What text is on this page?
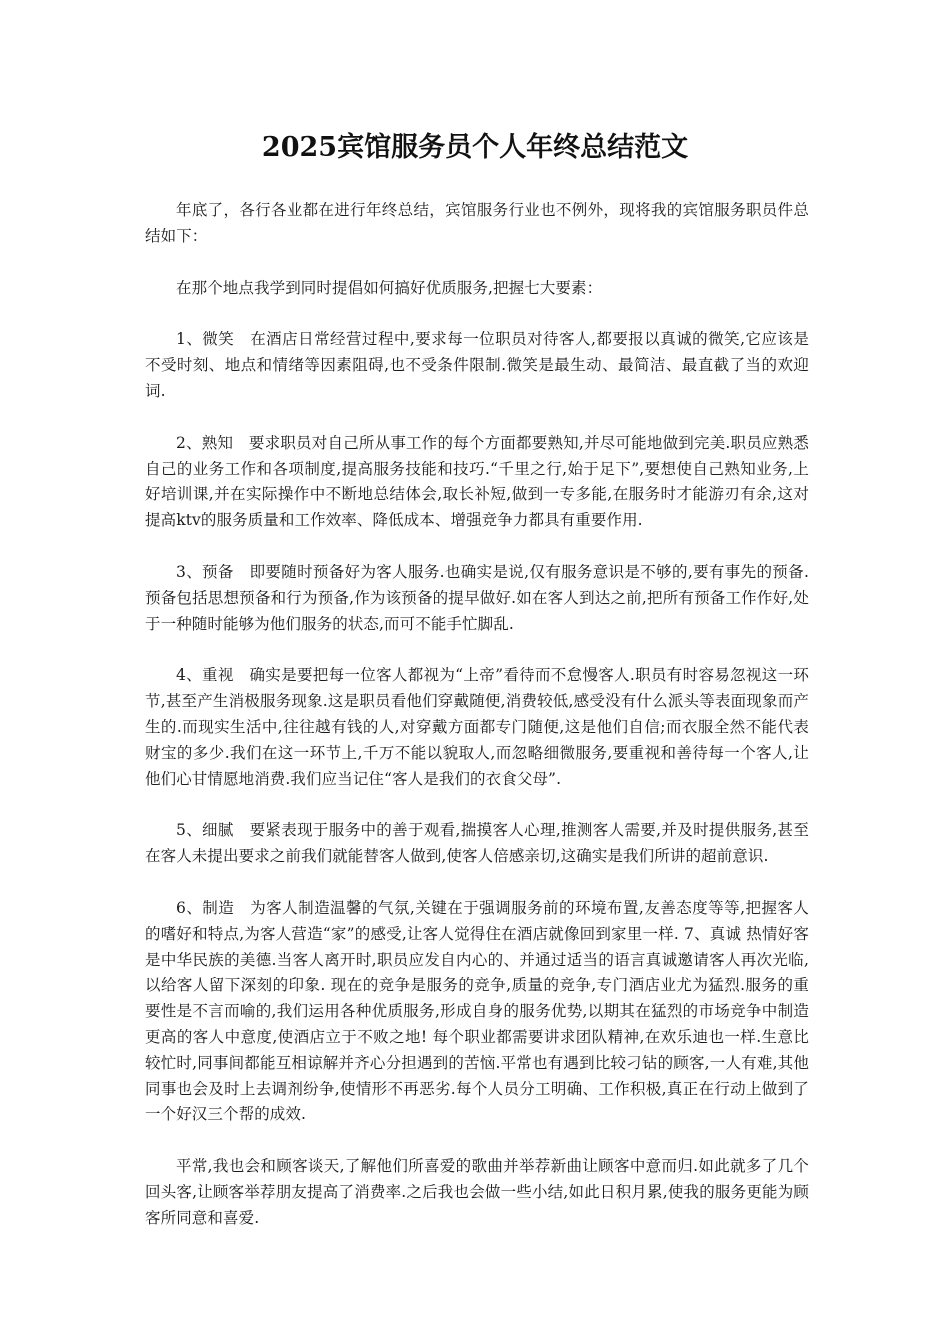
2025宾馆服务员个人年终总结范文

年底了，各行各业都在进行年终总结，宾馆服务行业也不例外，现将我的宾馆服务职员件总结如下：

在那个地点我学到同时提倡如何搞好优质服务,把握七大要素：

1、微笑　在酒店日常经营过程中,要求每一位职员对待客人,都要报以真诚的微笑,它应该是不受时刻、地点和情绪等因素阻碍,也不受条件限制.微笑是最生动、最简洁、最直截了当的欢迎词.

2、熟知　要求职员对自己所从事工作的每个方面都要熟知,并尽可能地做到完美.职员应熟悉自己的业务工作和各项制度,提高服务技能和技巧.“千里之行,始于足下”,要想使自己熟知业务,上好培训课,并在实际操作中不断地总结体会,取长补短,做到一专多能,在服务时才能游刃有余,这对提高ktv的服务质量和工作效率、降低成本、增强竞争力都具有重要作用.

3、预备　即要随时预备好为客人服务.也确实是说,仅有服务意识是不够的,要有事先的预备.预备包括思想预备和行为预备,作为该预备的提早做好.如在客人到达之前,把所有预备工作作好,处于一种随时能够为他们服务的状态,而可不能手忙脚乱.

4、重视　确实是要把每一位客人都视为“上帝”看待而不怠慢客人.职员有时容易忽视这一环节,甚至产生消极服务现象.这是职员看他们穿戴随便,消费较低,感受没有什么派头等表面现象而产生的.而现实生活中,往往越有钱的人,对穿戴方面都专门随便,这是他们自信;而衣服全然不能代表财宝的多少.我们在这一环节上,千万不能以貌取人,而忽略细微服务,要重视和善待每一个客人,让他们心甘情愿地消费.我们应当记住“客人是我们的衣食父母”.

5、细腻　要紧表现于服务中的善于观看,揣摸客人心理,推测客人需要,并及时提供服务,甚至在客人未提出要求之前我们就能替客人做到,使客人倍感亲切,这确实是我们所讲的超前意识.

6、制造　为客人制造温馨的气氛,关键在于强调服务前的环境布置,友善态度等等,把握客人的嗜好和特点,为客人营造“家”的感受,让客人觉得住在酒店就像回到家里一样. 7、真诚 热情好客是中华民族的美德.当客人离开时,职员应发自内心的、并通过适当的语言真诚邀请客人再次光临,以给客人留下深刻的印象. 现在的竞争是服务的竞争,质量的竞争,专门酒店业尤为猛烈.服务的重要性是不言而喻的,我们运用各种优质服务,形成自身的服务优势,以期其在猛烈的市场竞争中制造更高的客人中意度,使酒店立于不败之地! 每个职业都需要讲求团队精神,在欢乐迪也一样.生意比较忙时,同事间都能互相谅解并齐心分担遇到的苦恼.平常也有遇到比较刁钻的顾客,一人有难,其他同事也会及时上去调剂纷争,使情形不再恶劣.每个人员分工明确、工作积极,真正在行动上做到了一个好汉三个帮的成效.

平常,我也会和顾客谈天,了解他们所喜爱的歌曲并举荐新曲让顾客中意而归.如此就多了几个回头客,让顾客举荐朋友提高了消费率.之后我也会做一些小结,如此日积月累,使我的服务更能为顾客所同意和喜爱.
